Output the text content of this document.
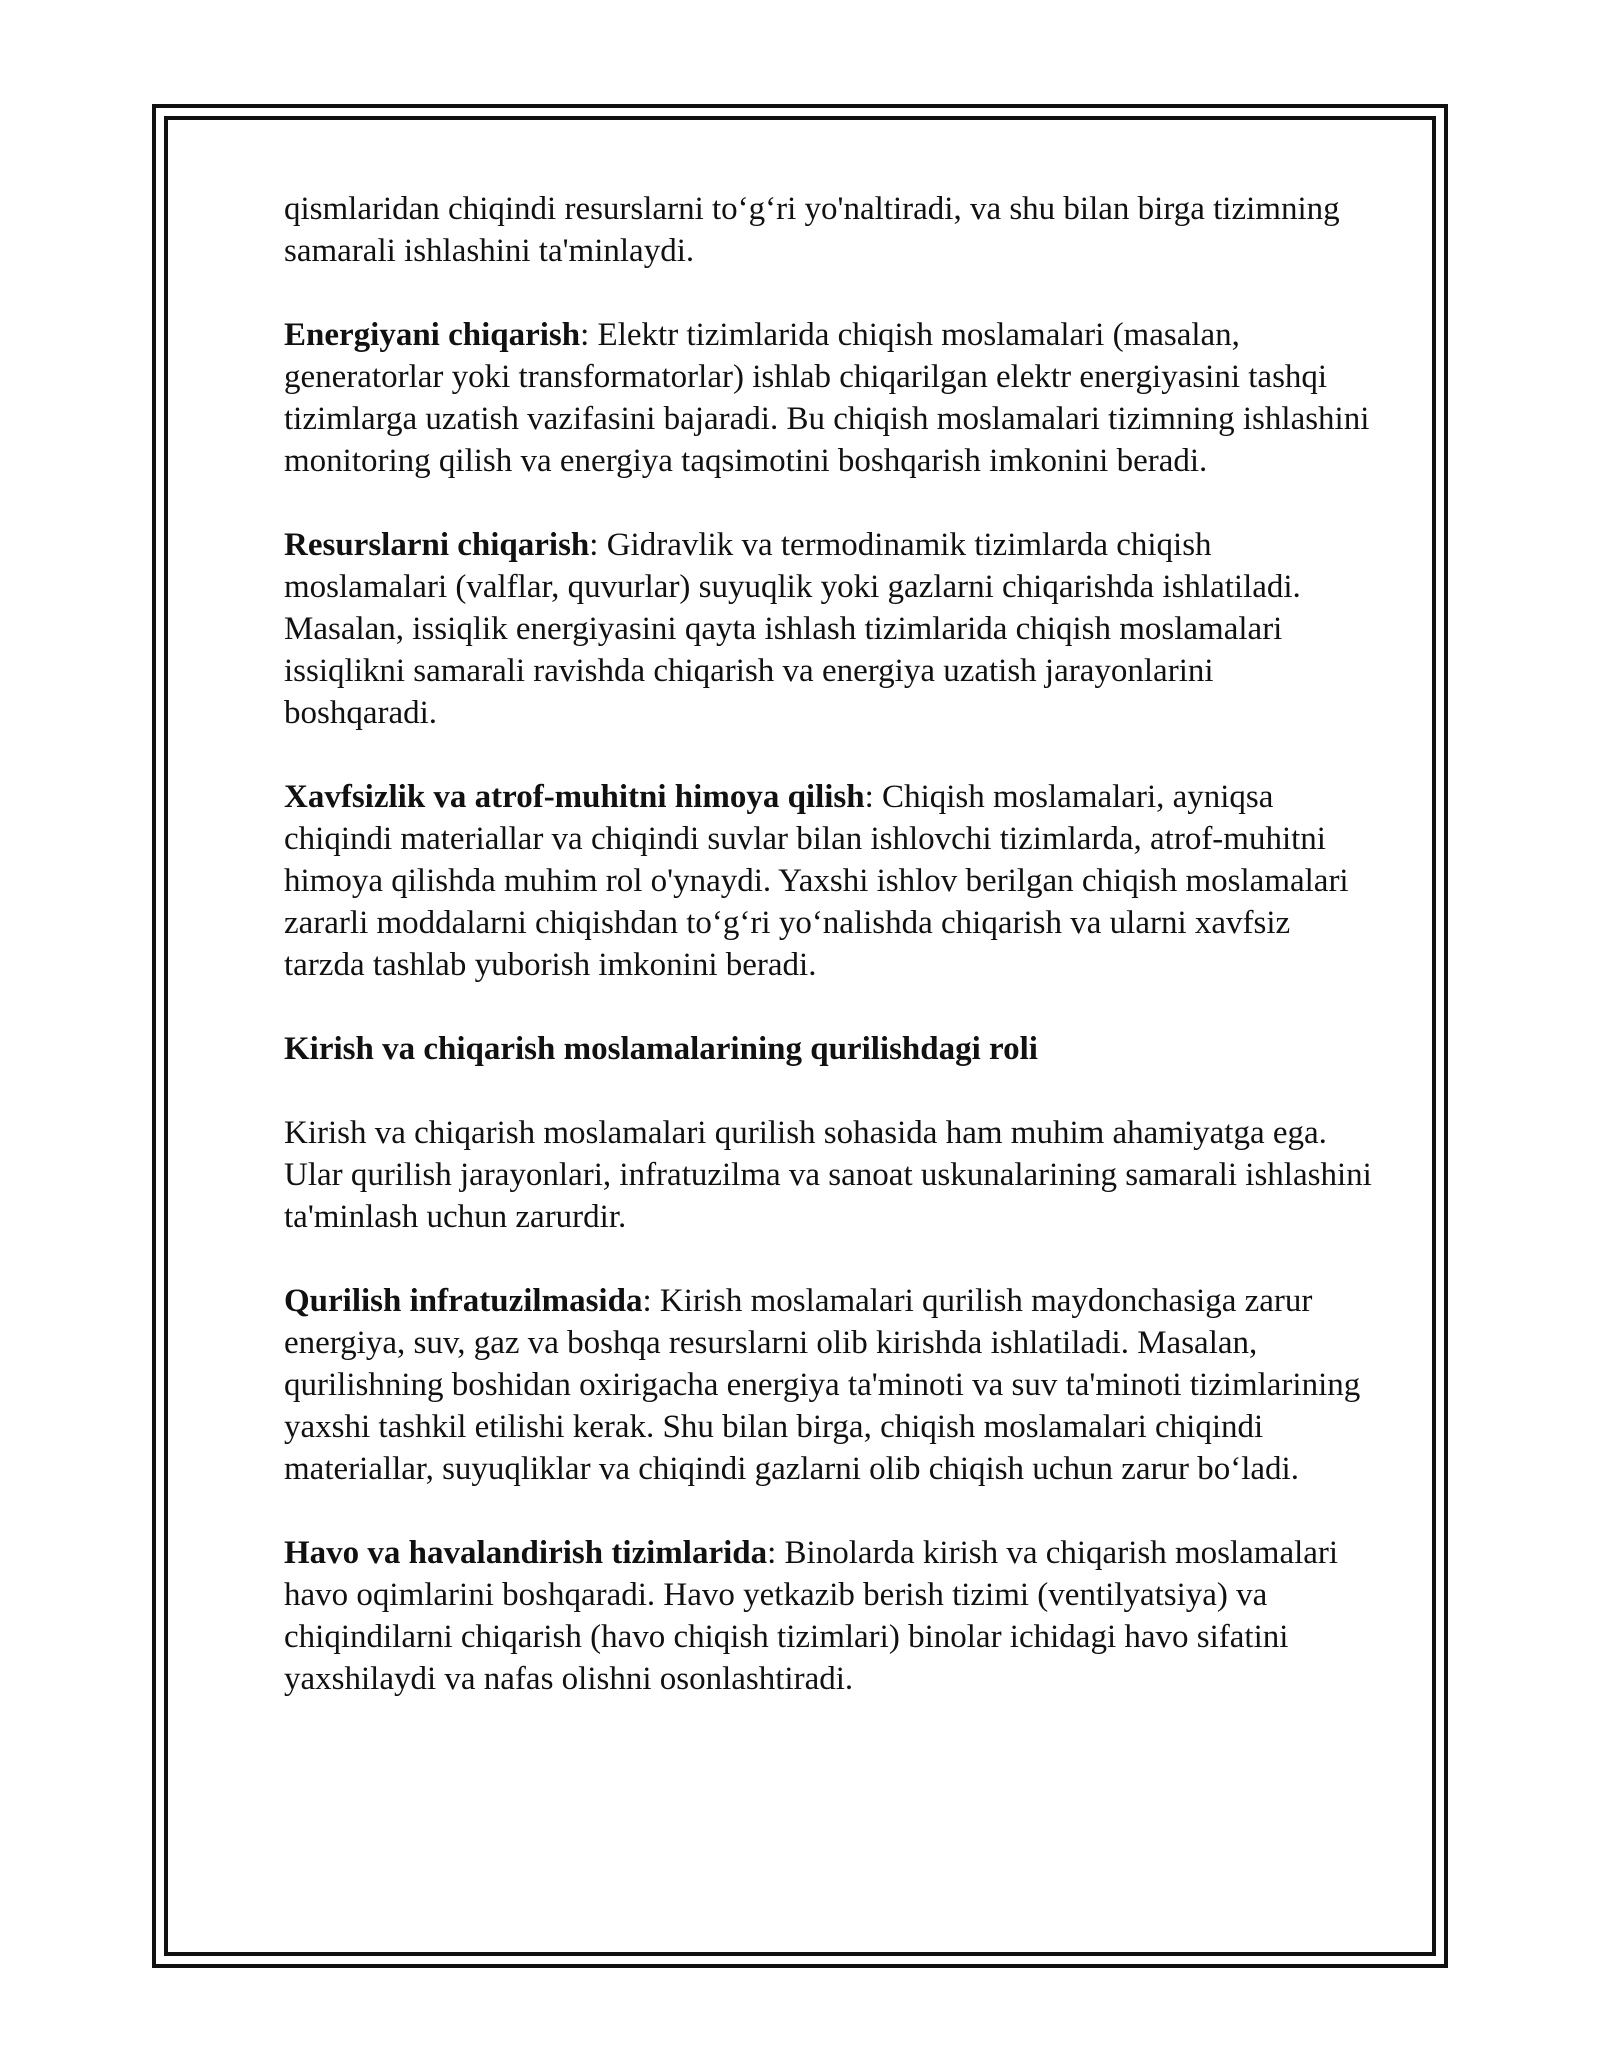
qismlaridan chiqindi resurslarni to‘g‘ri yo'naltiradi, va shu bilan birga tizimning samarali ishlashini ta'minlaydi.

Energiyani chiqarish: Elektr tizimlarida chiqish moslamalari (masalan, generatorlar yoki transformatorlar) ishlab chiqarilgan elektr energiyasini tashqi tizimlarga uzatish vazifasini bajaradi. Bu chiqish moslamalari tizimning ishlashini monitoring qilish va energiya taqsimotini boshqarish imkonini beradi.

Resurslarni chiqarish: Gidravlik va termodinamik tizimlarda chiqish moslamalari (valflar, quvurlar) suyuqlik yoki gazlarni chiqarishda ishlatiladi. Masalan, issiqlik energiyasini qayta ishlash tizimlarida chiqish moslamalari issiqlikni samarali ravishda chiqarish va energiya uzatish jarayonlarini boshqaradi.

Xavfsizlik va atrof-muhitni himoya qilish: Chiqish moslamalari, ayniqsa chiqindi materiallar va chiqindi suvlar bilan ishlovchi tizimlarda, atrof-muhitni himoya qilishda muhim rol o'ynaydi. Yaxshi ishlov berilgan chiqish moslamalari zararli moddalarni chiqishdan to‘g‘ri yo‘nalishda chiqarish va ularni xavfsiz tarzda tashlab yuborish imkonini beradi.

Kirish va chiqarish moslamalarining qurilishdagi roli

Kirish va chiqarish moslamalari qurilish sohasida ham muhim ahamiyatga ega. Ular qurilish jarayonlari, infratuzilma va sanoat uskunalarining samarali ishlashini ta'minlash uchun zarurdir.

Qurilish infratuzilmasida: Kirish moslamalari qurilish maydonchasiga zarur energiya, suv, gaz va boshqa resurslarni olib kirishda ishlatiladi. Masalan, qurilishning boshidan oxirigacha energiya ta'minoti va suv ta'minoti tizimlarining yaxshi tashkil etilishi kerak. Shu bilan birga, chiqish moslamalari chiqindi materiallar, suyuqliklar va chiqindi gazlarni olib chiqish uchun zarur bo‘ladi.

Havo va havalandirish tizimlarida: Binolarda kirish va chiqarish moslamalari havo oqimlarini boshqaradi. Havo yetkazib berish tizimi (ventilyatsiya) va chiqindilarni chiqarish (havo chiqish tizimlari) binolar ichidagi havo sifatini yaxshilaydi va nafas olishni osonlashtiradi.
